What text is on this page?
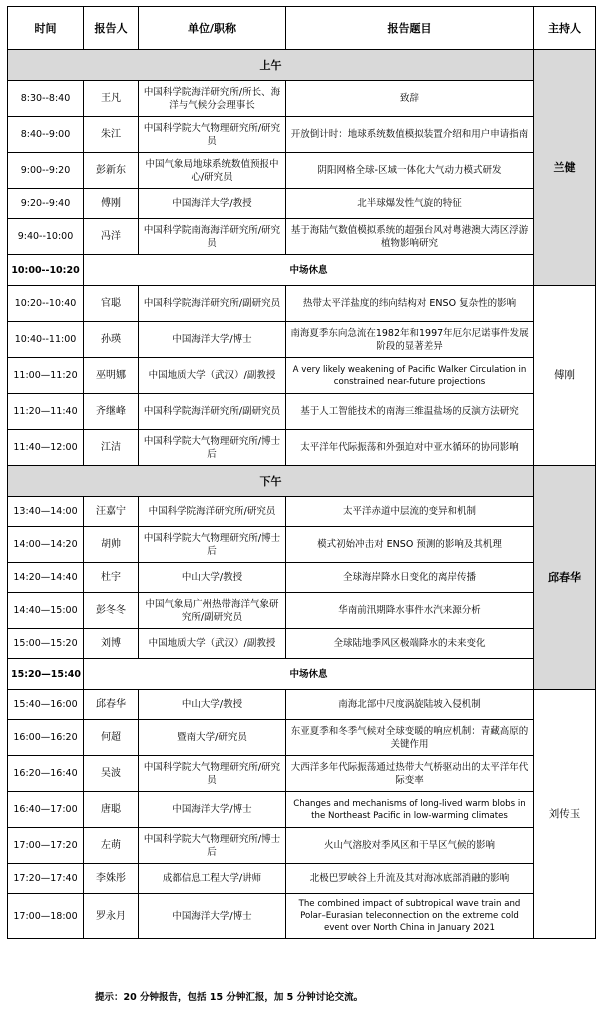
时间	报告人	单位/职称	报告题目	主持人
上午				兰健
8:30--8:40	王凡	中国科学院海洋研究所/所长、海洋与气候分会理事长	致辞	
8:40--9:00	朱江	中国科学院大气物理研究所/研究员	开放倒计时：地球系统数值模拟装置介绍和用户申请指南	
9:00--9:20	彭新东	中国气象局地球系统数值预报中心/研究员	阴阳网格全球-区域一体化大气动力模式研发	
9:20--9:40	傅刚	中国海洋大学/教授	北半球爆发性气旋的特征	
9:40--10:00	冯洋	中国科学院南海海洋研究所/研究员	基于海陆气数值模拟系统的超强台风对粤港澳大湾区浮游植物影响研究	
10:00--10:20	中场休息			
10:20--10:40	官聪	中国科学院海洋研究所/副研究员	热带太平洋盐度的纬向结构对 ENSO 复杂性的影响	傅刚
10:40--11:00	孙瑛	中国海洋大学/博士	南海夏季东向急流在1982年和1997年厄尔尼诺事件发展阶段的显著差异	
11:00—11:20	巫明娜	中国地质大学（武汉）/副教授	A very likely weakening of Pacific Walker Circulation in constrained near-future projections	
11:20—11:40	齐继峰	中国科学院海洋研究所/副研究员	基于人工智能技术的南海三维温盐场的反演方法研究	
11:40—12:00	江洁	中国科学院大气物理研究所/博士后	太平洋年代际振荡和外强迫对中亚水循环的协同影响	
下午				邱春华
13:40—14:00	汪嘉宁	中国科学院海洋研究所/研究员	太平洋赤道中层流的变异和机制	
14:00—14:20	胡帅	中国科学院大气物理研究所/博士后	模式初始冲击对 ENSO 预测的影响及其机理	
14:20—14:40	杜宇	中山大学/教授	全球海岸降水日变化的离岸传播	
14:40—15:00	彭冬冬	中国气象局广州热带海洋气象研究所/副研究员	华南前汛期降水事件水汽来源分析	
15:00—15:20	刘博	中国地质大学（武汉）/副教授	全球陆地季风区极端降水的未来变化	
15:20—15:40	中场休息			
15:40—16:00	邱春华	中山大学/教授	南海北部中尺度涡旋陆坡入侵机制	刘传玉
16:00—16:20	何超	暨南大学/研究员	东亚夏季和冬季气候对全球变暖的响应机制：青藏高原的关键作用	
16:20—16:40	吴波	中国科学院大气物理研究所/研究员	大西洋多年代际振荡通过热带大气桥驱动出的太平洋年代际变率	
16:40—17:00	唐聪	中国海洋大学/博士	Changes and mechanisms of long-lived warm blobs in the Northeast Pacific in low-warming climates	
17:00—17:20	左萌	中国科学院大气物理研究所/博士后	火山气溶胶对季风区和干旱区气候的影响	
17:20—17:40	李姝彤	成都信息工程大学/讲师	北极巴罗峡谷上升流及其对海冰底部消融的影响	
17:00—18:00	罗永月	中国海洋大学/博士	The combined impact of subtropical wave train and Polar–Eurasian teleconnection on the extreme cold event over North China in January 2021	
提示：20 分钟报告，包括 15 分钟汇报，加 5 分钟讨论交流。
